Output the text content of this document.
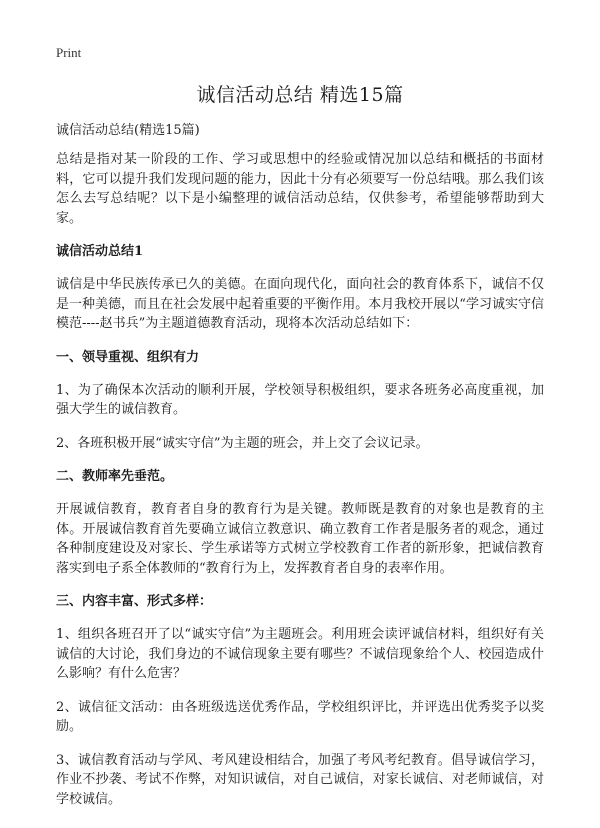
Print
诚信活动总结 精选15篇
诚信活动总结(精选15篇)

总结是指对某一阶段的工作、学习或思想中的经验或情况加以总结和概括的书面材料，它可以提升我们发现问题的能力，因此十分有必须要写一份总结哦。那么我们该怎么去写总结呢？以下是小编整理的诚信活动总结，仅供参考，希望能够帮助到大家。

诚信活动总结1

诚信是中华民族传承已久的美德。在面向现代化，面向社会的教育体系下，诚信不仅是一种美德，而且在社会发展中起着重要的平衡作用。本月我校开展以“学习诚实守信模范----赵书兵”为主题道德教育活动，现将本次活动总结如下：

一、领导重视、组织有力

1、为了确保本次活动的顺利开展，学校领导积极组织，要求各班务必高度重视，加强大学生的诚信教育。

2、各班积极开展“诚实守信”为主题的班会，并上交了会议记录。

二、教师率先垂范。

开展诚信教育，教育者自身的教育行为是关键。教师既是教育的对象也是教育的主体。开展诚信教育首先要确立诚信立教意识、确立教育工作者是服务者的观念，通过各种制度建设及对家长、学生承诺等方式树立学校教育工作者的新形象，把诚信教育落实到电子系全体教师的“教育行为上，发挥教育者自身的表率作用。

三、内容丰富、形式多样：

1、组织各班召开了以“诚实守信”为主题班会。利用班会读评诚信材料，组织好有关诚信的大讨论，我们身边的不诚信现象主要有哪些？不诚信现象给个人、校园造成什么影响？有什么危害？

2、诚信征文活动：由各班级选送优秀作品，学校组织评比，并评选出优秀奖予以奖励。

3、诚信教育活动与学风、考风建设相结合，加强了考风考纪教育。倡导诚信学习，作业不抄袭、考试不作弊，对知识诚信，对自己诚信，对家长诚信、对老师诚信，对学校诚信。
